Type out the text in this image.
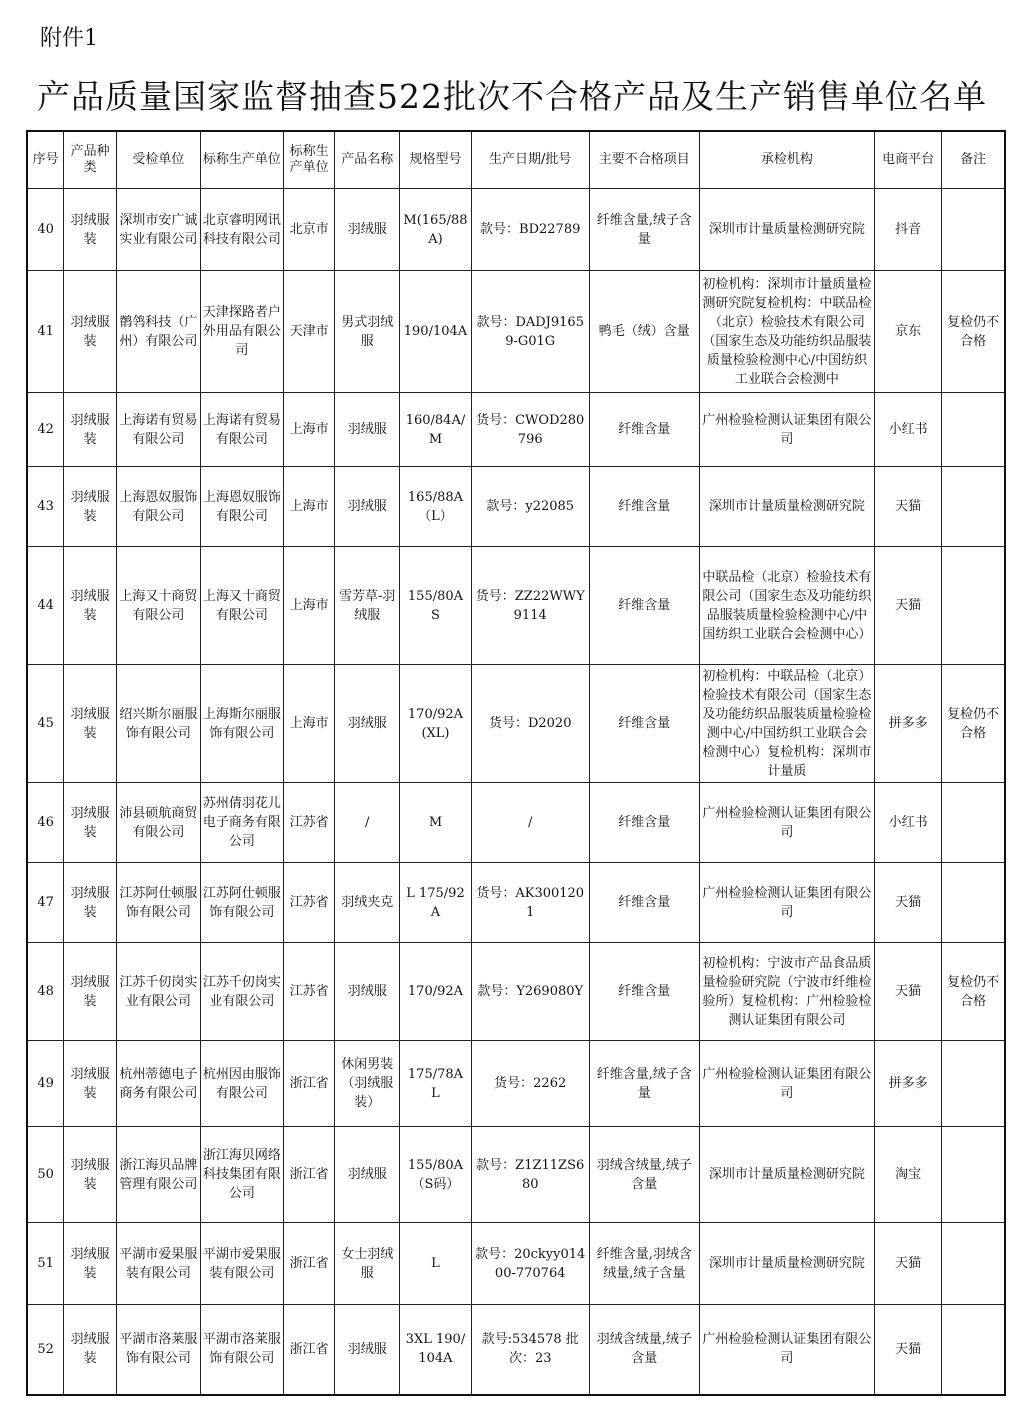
附件1
产品质量国家监督抽查522批次不合格产品及生产销售单位名单
序号	产品种类	受检单位	标称生产单位	标称生产单位	产品名称	规格型号	生产日期/批号	主要不合格项目	承检机构	电商平台	备注

40	羽绒服装	深圳市安广诚实业有限公司	北京睿明网讯科技有限公司	北京市	羽绒服	M(165/88A)	款号：BD22789	纤维含量,绒子含量	深圳市计量质量检测研究院	抖音	

41	羽绒服装	鹡鸰科技（广州）有限公司	天津探路者户外用品有限公司	天津市	男式羽绒服	190/104A	款号：DADJ91659-G01G	鸭毛（绒）含量	初检机构：深圳市计量质量检测研究院复检机构：中联品检（北京）检验技术有限公司（国家生态及功能纺织品服装质量检验检测中心/中国纺织工业联合会检测中	京东	复检仍不合格

42	羽绒服装	上海诺有贸易有限公司	上海诺有贸易有限公司	上海市	羽绒服	160/84A/M	货号：CWOD280796	纤维含量	广州检验检测认证集团有限公司	小红书	

43	羽绒服装	上海恩奴服饰有限公司	上海恩奴服饰有限公司	上海市	羽绒服	165/88A（L）	款号：y22085	纤维含量	深圳市计量质量检测研究院	天猫	

44	羽绒服装	上海又十商贸有限公司	上海又十商贸有限公司	上海市	雪芳草-羽绒服	155/80A S	货号：ZZ22WWY9114	纤维含量	中联品检（北京）检验技术有限公司（国家生态及功能纺织品服装质量检验检测中心/中国纺织工业联合会检测中心）	天猫	

45	羽绒服装	绍兴斯尔丽服饰有限公司	上海斯尔丽服饰有限公司	上海市	羽绒服	170/92A(XL)	货号：D2020	纤维含量	初检机构：中联品检（北京）检验技术有限公司（国家生态及功能纺织品服装质量检验检测中心/中国纺织工业联合会检测中心）复检机构：深圳市计量质	拼多多	复检仍不合格

46	羽绒服装	沛县硕航商贸有限公司	苏州倩羽花儿电子商务有限公司	江苏省	/	M	/	纤维含量	广州检验检测认证集团有限公司	小红书	

47	羽绒服装	江苏阿仕顿服饰有限公司	江苏阿仕顿服饰有限公司	江苏省	羽绒夹克	L 175/92A	货号：AK3001201	纤维含量	广州检验检测认证集团有限公司	天猫	

48	羽绒服装	江苏千仞岗实业有限公司	江苏千仞岗实业有限公司	江苏省	羽绒服	170/92A	款号：Y269080Y	纤维含量	初检机构：宁波市产品食品质量检验研究院（宁波市纤维检验所）复检机构：广州检验检测认证集团有限公司	天猫	复检仍不合格

49	羽绒服装	杭州蒂德电子商务有限公司	杭州因由服饰有限公司	浙江省	休闲男装（羽绒服装）	175/78A L	货号：2262	纤维含量,绒子含量	广州检验检测认证集团有限公司	拼多多	

50	羽绒服装	浙江海贝品牌管理有限公司	浙江海贝网络科技集团有限公司	浙江省	羽绒服	155/80A（S码）	款号：Z1Z11ZS680	羽绒含绒量,绒子含量	深圳市计量质量检测研究院	淘宝	

51	羽绒服装	平湖市爱果服装有限公司	平湖市爱果服装有限公司	浙江省	女士羽绒服	L	款号：20ckyy01400-770764	纤维含量,羽绒含绒量,绒子含量	深圳市计量质量检测研究院	天猫	

52	羽绒服装	平湖市洛莱服饰有限公司	平湖市洛莱服饰有限公司	浙江省	羽绒服	3XL 190/104A	款号:534578 批次：23	羽绒含绒量,绒子含量	广州检验检测认证集团有限公司	天猫	
